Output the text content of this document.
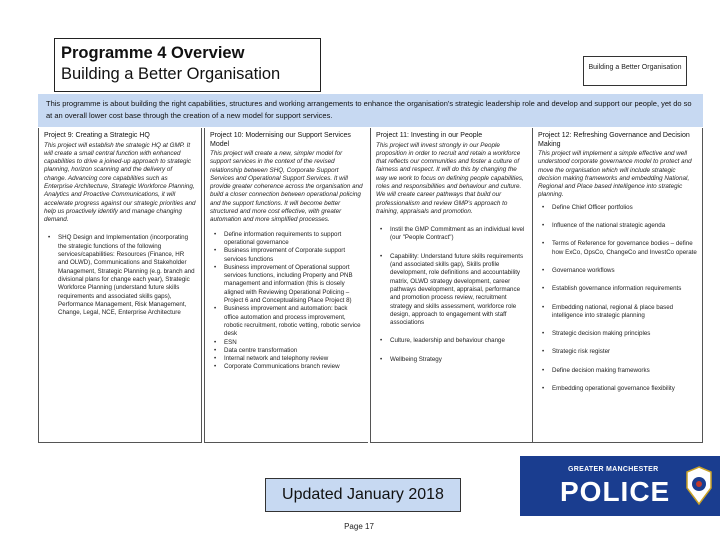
Programme 4 Overview
Building a Better Organisation	Building a Better Organisation
This programme is about building the right capabilities, structures and working arrangements to enhance the organisation's strategic leadership role and develop and support our people, yet do so at an overall lower cost base through the creation of a new model for support services.
Project 9: Creating a Strategic HQ
This project will establish the strategic HQ at GMP. It will create a small central function with enhanced capabilities to drive a joined-up approach to strategic planning, horizon scanning and the delivery of change. Advancing core capabilities such as Enterprise Architecture, Strategic Workforce Planning, Analytics and Proactive Communications, it will accelerate progress against our strategic priorities and help us proactively identify and manage changing demand.
• SHQ Design and Implementation (incorporating the strategic functions of the following services/capabilities: Resources (Finance, HR and OLWD), Communications and Stakeholder Management, Strategic Planning (e.g. branch and divisional plans for change each year), Strategic Workforce Planning (understand future skills requirements and associated skills gaps), Performance Management, Risk Management, Change, Legal, NCE, Enterprise Architecture
Project 10: Modernising our Support Services Model
This project will create a new, simpler model for support services in the context of the revised relationship between SHQ, Corporate Support Services and Operational Support Services. It will provide greater coherence across the organisation and build a closer connection between operational policing and the support functions. It will become better structured and more cost effective, with greater automation and more simplified processes.
• Define information requirements to support operational governance
• Business improvement of Corporate support services functions
• Business improvement of Operational support services functions, including Property and PNB management and information (this is closely aligned with Reviewing Operational Policing – Project 6 and Conceptualising Place Project 8)
• Business improvement and automation: back office automation and process improvement, robotic recruitment, robotic vetting, robotic service desk
• ESN
• Data centre transformation
• Internal network and telephony review
• Corporate Communications branch review
Project 11: Investing in our People
This project will invest strongly in our People proposition in order to recruit and retain a workforce that reflects our communities and foster a culture of fairness and respect. It will do this by changing the way we work to focus on defining people capabilities, roles and responsibilities and behaviour and culture. We will create career pathways that build our professionalism and review GMP's approach to training, appraisals and promotion.
• Instil the GMP Commitment as an individual level (our "People Contract")
• Capability: Understand future skills requirements (and associated skills gap), Skills profile development, role definitions and accountability matrix, OLWD strategy development, career pathways development, appraisal, performance and promotion process review, recruitment strategy and skills assessment, workforce role design, approach to engagement with staff associations
• Culture, leadership and behaviour change
• Wellbeing Strategy
Project 12: Refreshing Governance and Decision Making
This project will implement a simple effective and well understood corporate governance model to protect and move the organisation which will include strategic decision making frameworks and embedding National, Regional and Place based intelligence into strategic planning.
• Define Chief Officer portfolios
• Influence of the national strategic agenda
• Terms of Reference for governance bodies – define how ExCo, OpsCo, ChangeCo and InvestCo operate
• Governance workflows
• Establish governance information requirements
• Embedding national, regional & place based intelligence into strategic planning
• Strategic decision making principles
• Strategic risk register
• Define decision making frameworks
• Embedding operational governance flexibility
Updated January 2018
Page 17
GREATER MANCHESTER
POLICE
